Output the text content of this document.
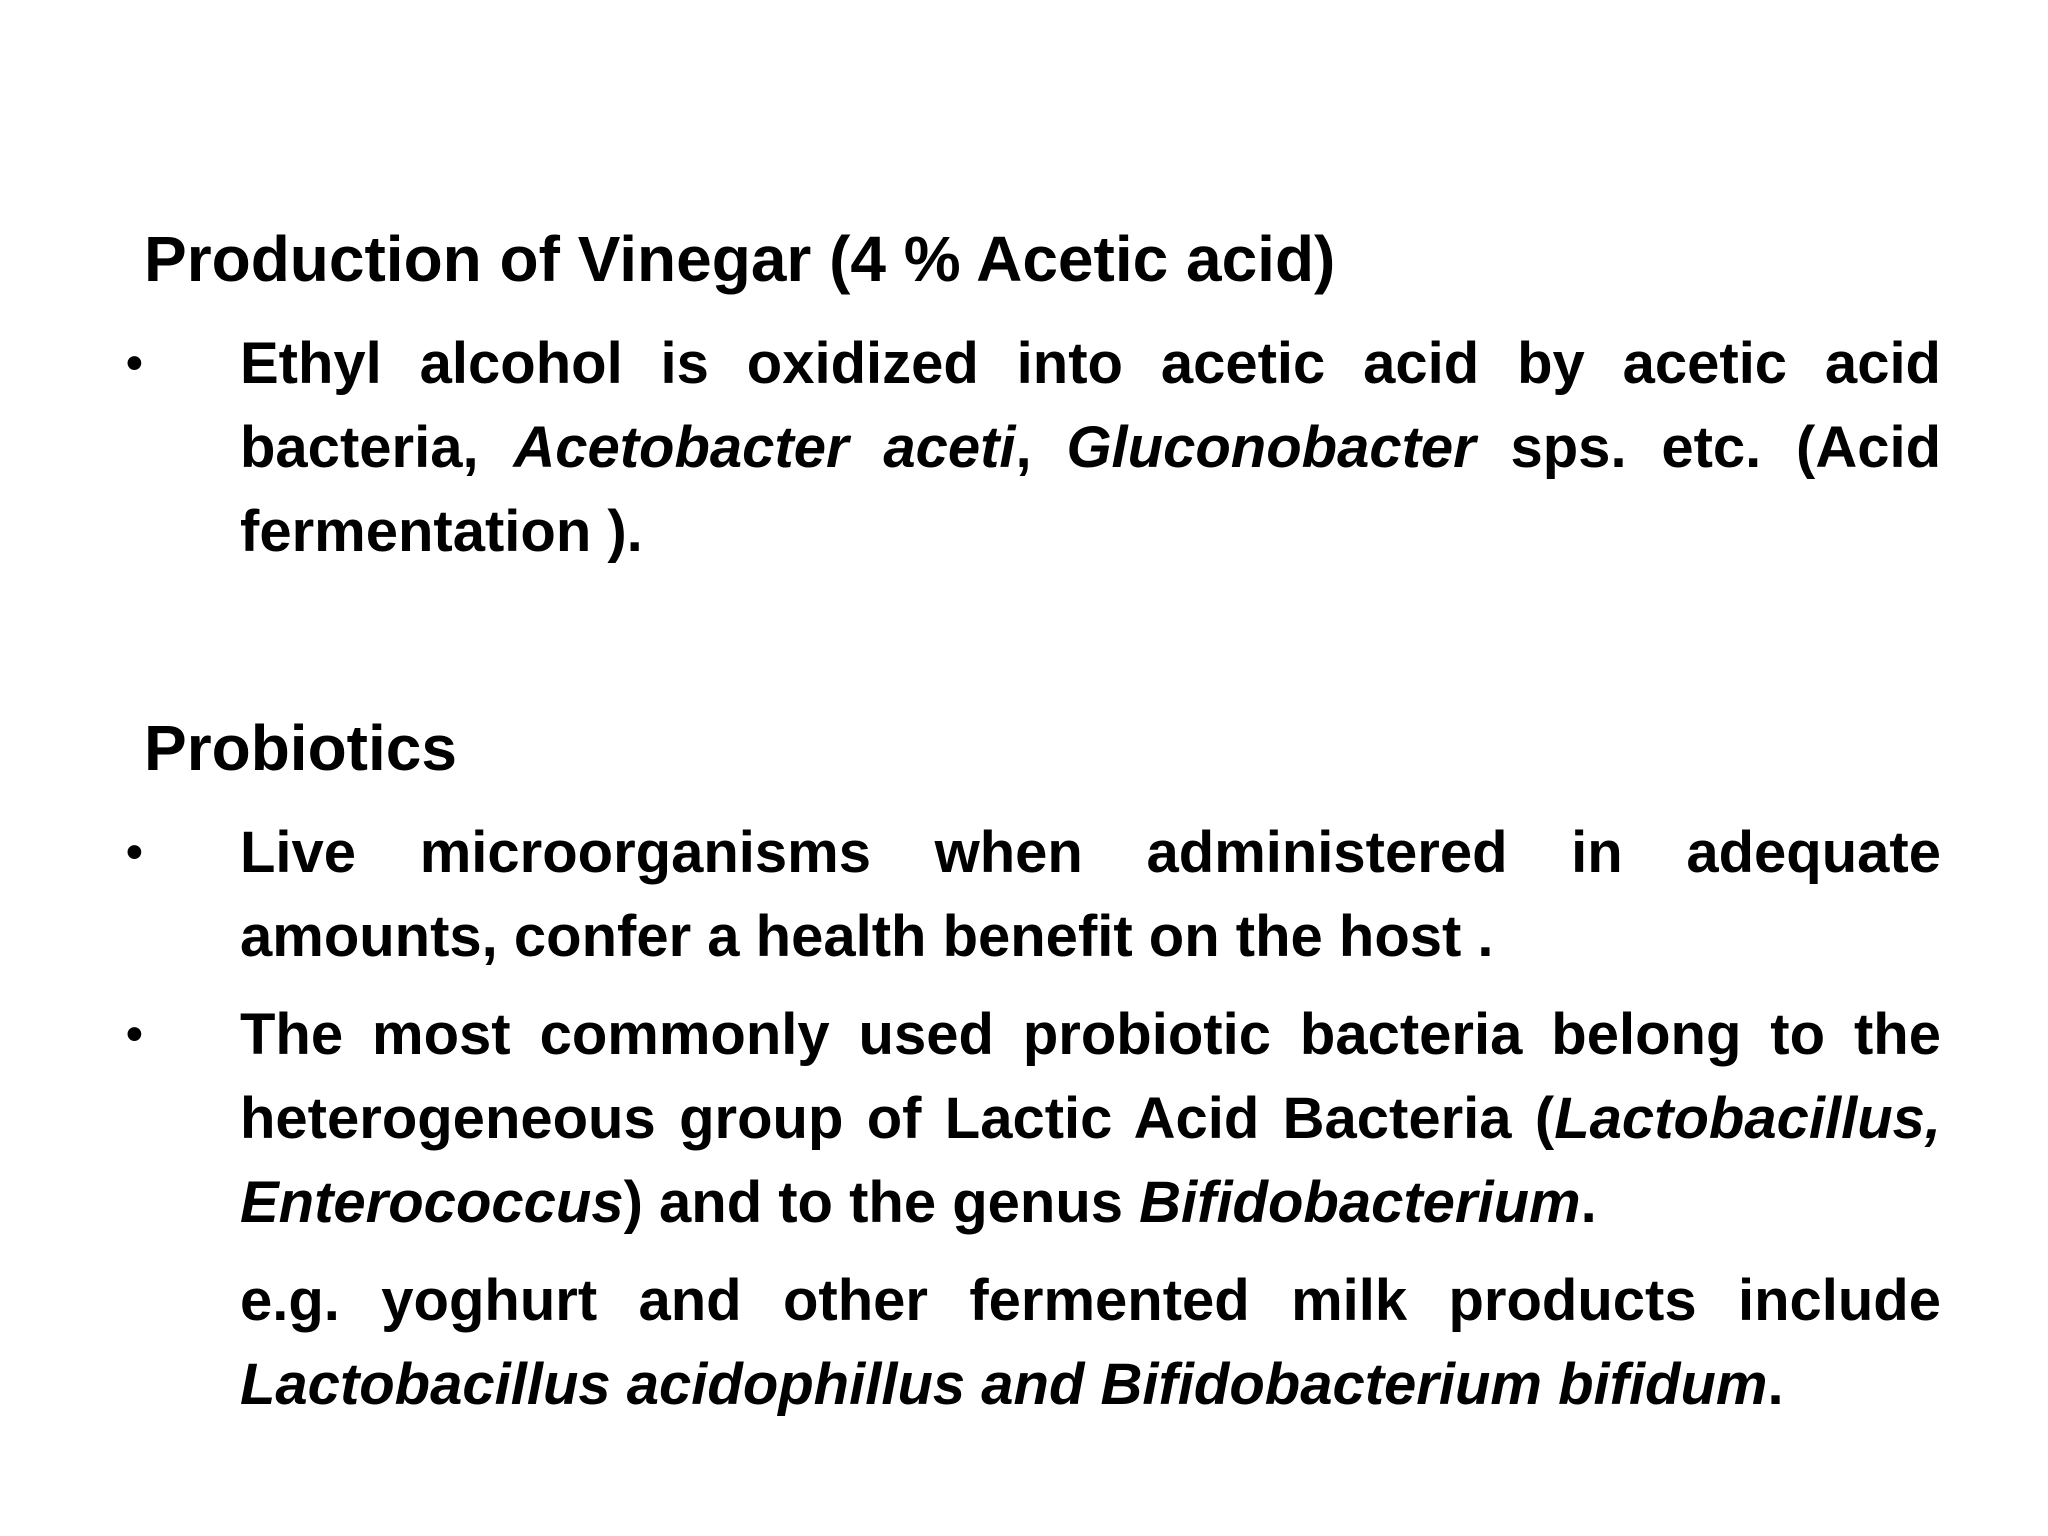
Production of Vinegar (4 % Acetic acid)
•	Ethyl alcohol is oxidized into acetic acid by acetic acid bacteria, Acetobacter aceti, Gluconobacter sps. etc. (Acid fermentation ).
Probiotics
•	Live microorganisms when administered in adequate amounts, confer a health benefit on the host .
•	The most commonly used probiotic bacteria belong to the heterogeneous group of Lactic Acid Bacteria (Lactobacillus, Enterococcus) and to the genus Bifidobacterium.
e.g. yoghurt and other fermented milk products include Lactobacillus acidophillus and Bifidobacterium bifidum.
